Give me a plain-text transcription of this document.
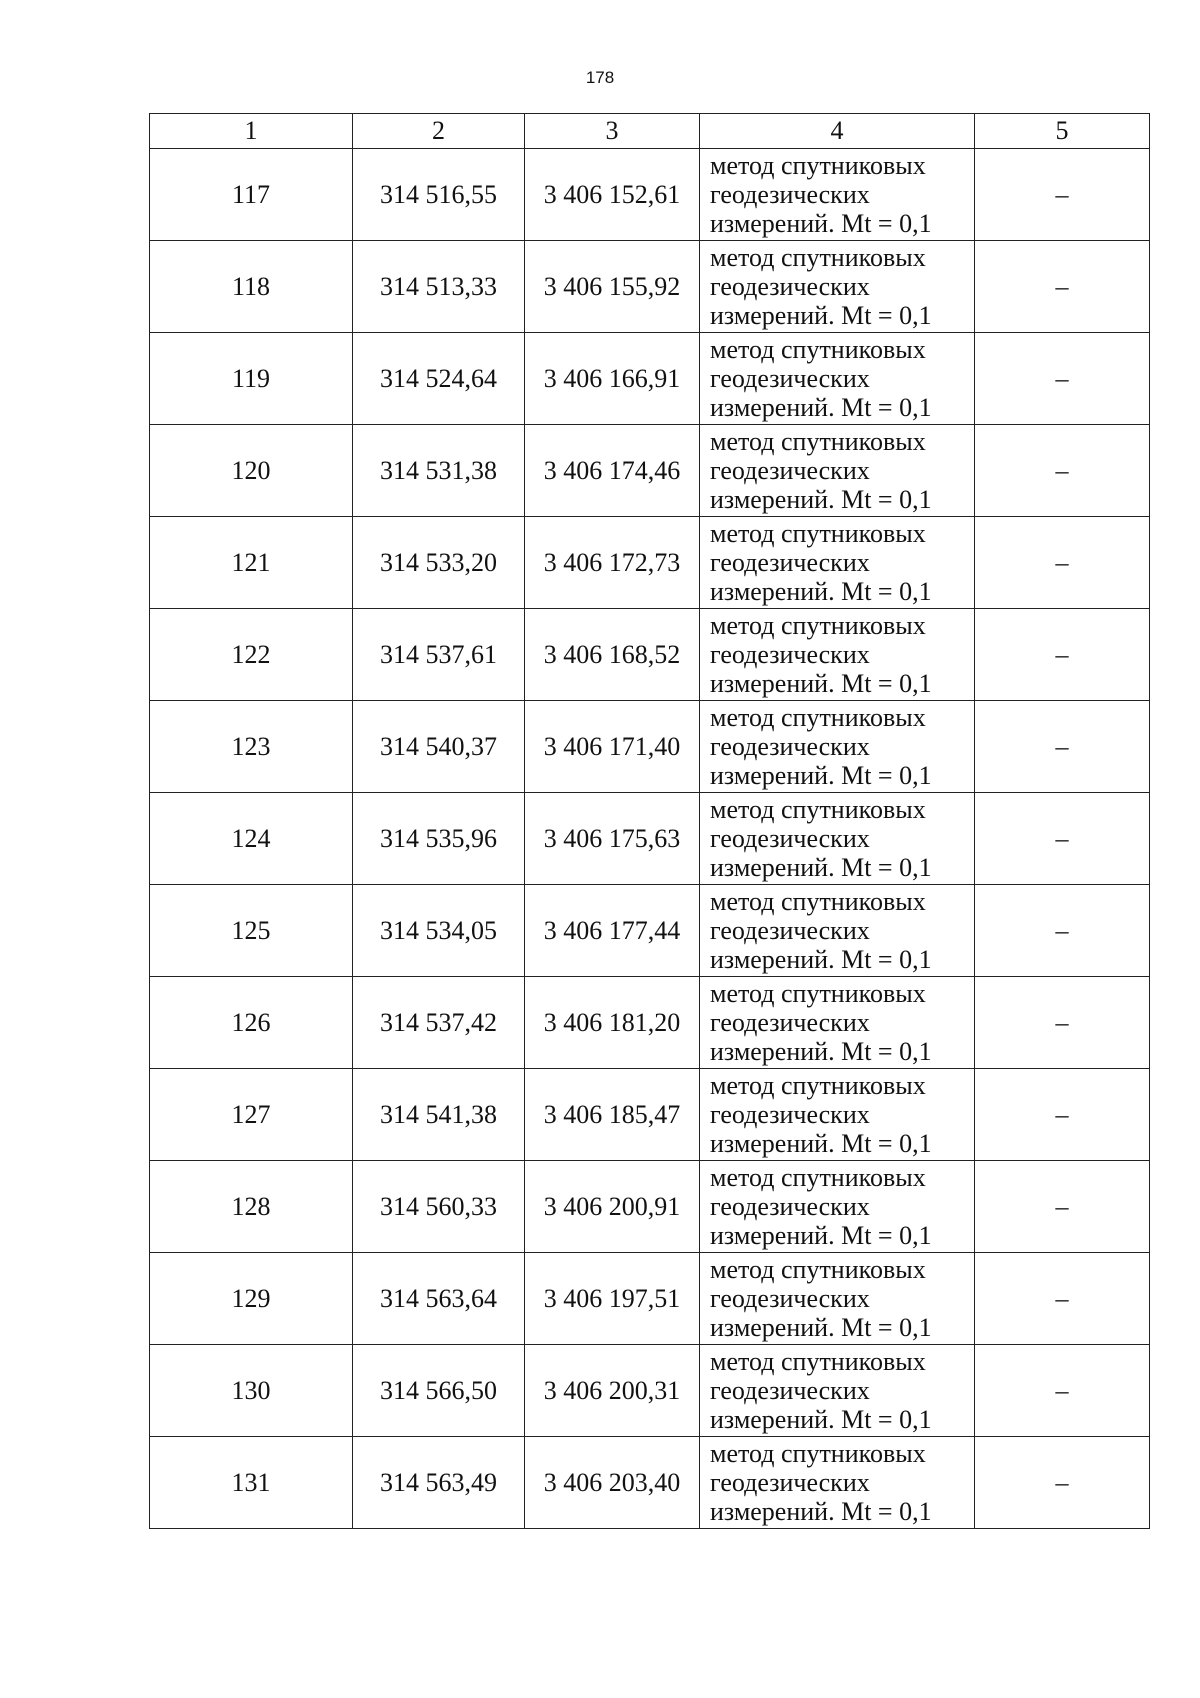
178
1	2	3	4	5
117	314 516,55	3 406 152,61	метод спутниковых
геодезических
измерений. Mt = 0,1	–
118	314 513,33	3 406 155,92	метод спутниковых
геодезических
измерений. Mt = 0,1	–
119	314 524,64	3 406 166,91	метод спутниковых
геодезических
измерений. Mt = 0,1	–
120	314 531,38	3 406 174,46	метод спутниковых
геодезических
измерений. Mt = 0,1	–
121	314 533,20	3 406 172,73	метод спутниковых
геодезических
измерений. Mt = 0,1	–
122	314 537,61	3 406 168,52	метод спутниковых
геодезических
измерений. Mt = 0,1	–
123	314 540,37	3 406 171,40	метод спутниковых
геодезических
измерений. Mt = 0,1	–
124	314 535,96	3 406 175,63	метод спутниковых
геодезических
измерений. Mt = 0,1	–
125	314 534,05	3 406 177,44	метод спутниковых
геодезических
измерений. Mt = 0,1	–
126	314 537,42	3 406 181,20	метод спутниковых
геодезических
измерений. Mt = 0,1	–
127	314 541,38	3 406 185,47	метод спутниковых
геодезических
измерений. Mt = 0,1	–
128	314 560,33	3 406 200,91	метод спутниковых
геодезических
измерений. Mt = 0,1	–
129	314 563,64	3 406 197,51	метод спутниковых
геодезических
измерений. Mt = 0,1	–
130	314 566,50	3 406 200,31	метод спутниковых
геодезических
измерений. Mt = 0,1	–
131	314 563,49	3 406 203,40	метод спутниковых
геодезических
измерений. Mt = 0,1	–
